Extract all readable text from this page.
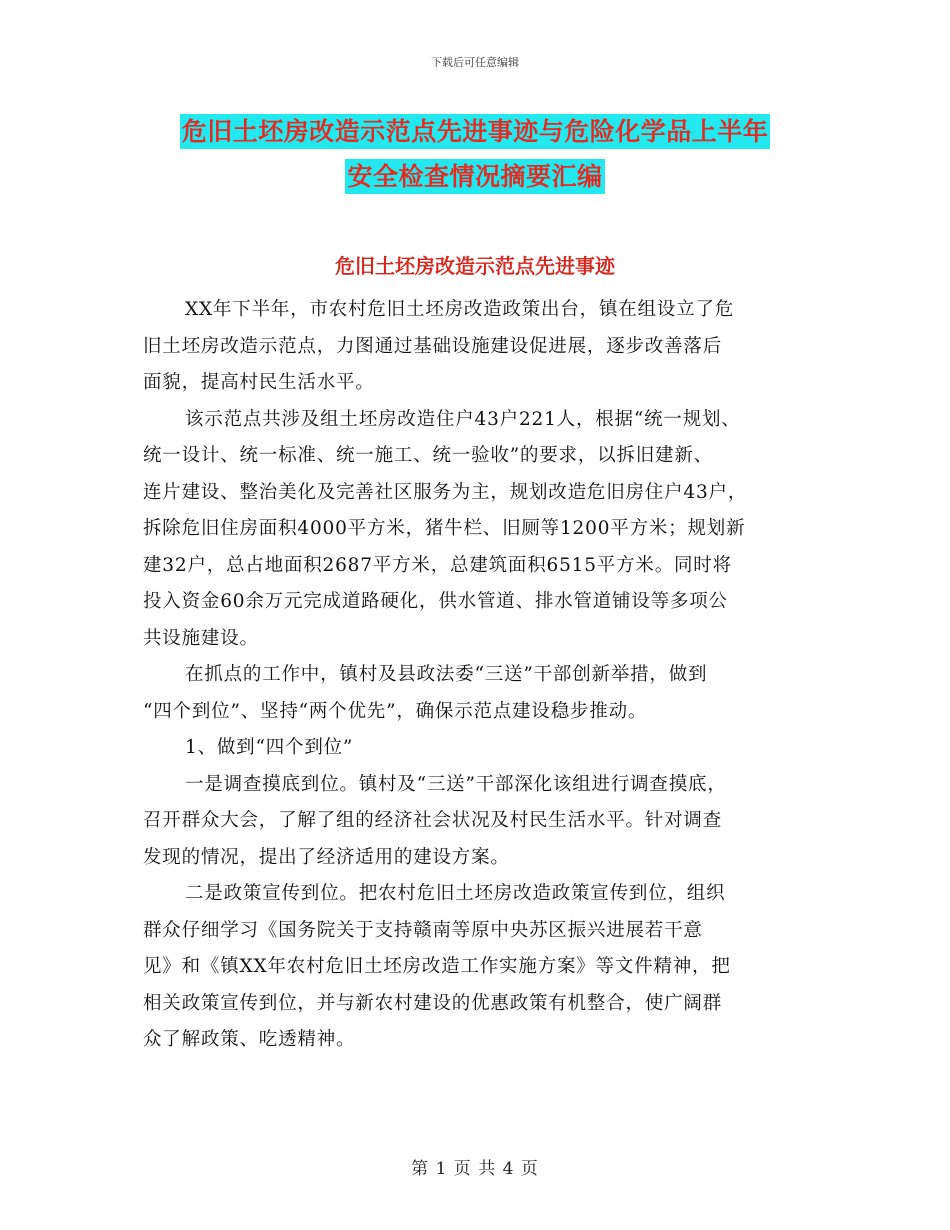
下载后可任意编辑
危旧土坯房改造示范点先进事迹与危险化学品上半年
安全检查情况摘要汇编
危旧土坯房改造示范点先进事迹

XX年下半年，市农村危旧土坯房改造政策出台，镇在组设立了危
旧土坯房改造示范点，力图通过基础设施建设促进展，逐步改善落后
面貌，提高村民生活水平。

该示范点共涉及组土坯房改造住户43户221人，根据“统一规划、
统一设计、统一标准、统一施工、统一验收”的要求，以拆旧建新、
连片建设、整治美化及完善社区服务为主，规划改造危旧房住户43户，
拆除危旧住房面积4000平方米，猪牛栏、旧厕等1200平方米；规划新
建32户，总占地面积2687平方米，总建筑面积6515平方米。同时将
投入资金60余万元完成道路硬化，供水管道、排水管道铺设等多项公
共设施建设。

在抓点的工作中，镇村及县政法委“三送”干部创新举措，做到
“四个到位”、坚持“两个优先”，确保示范点建设稳步推动。

1、做到“四个到位”

一是调查摸底到位。镇村及“三送”干部深化该组进行调查摸底，
召开群众大会，了解了组的经济社会状况及村民生活水平。针对调查
发现的情况，提出了经济适用的建设方案。

二是政策宣传到位。把农村危旧土坯房改造政策宣传到位，组织
群众仔细学习《国务院关于支持赣南等原中央苏区振兴进展若干意
见》和《镇XX年农村危旧土坯房改造工作实施方案》等文件精神，把
相关政策宣传到位，并与新农村建设的优惠政策有机整合，使广阔群
众了解政策、吃透精神。

第 1 页 共 4 页
